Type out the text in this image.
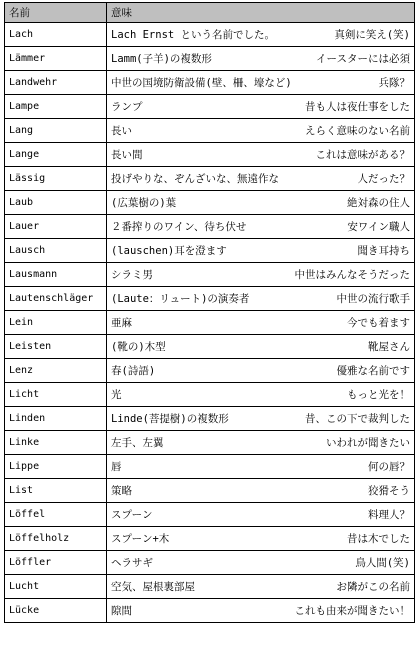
名前	意味
Lach	Lach Ernst という名前でした。 真剣に笑え(笑)

Lämmer	Lamm(子羊)の複数形 イースターには必須

Landwehr	中世の国境防衛設備(壁、柵、壕など) 兵隊？

Lampe	ランプ 昔も人は夜仕事をした

Lang	長い えらく意味のない名前

Lange	長い間 これは意味がある？

Lässig	投げやりな、ぞんざいな、無遠作な 人だった？

Laub	(広葉樹の)葉 絶対森の住人

Lauer	２番搾りのワイン、待ち伏せ 安ワイン職人

Lausch	(lauschen)耳を澄ます 聞き耳持ち

Lausmann	シラミ男 中世はみんなそうだった

Lautenschläger	(Laute：リュート)の演奏者 中世の流行歌手

Lein	亜麻 今でも着ます

Leisten	(靴の)木型 靴屋さん

Lenz	春(詩語) 優雅な名前です

Licht	光 もっと光を！

Linden	Linde(菩提樹)の複数形 昔、この下で裁判した

Linke	左手、左翼 いわれが聞きたい

Lippe	唇 何の唇？

List	策略 狡猾そう

Löffel	スプーン 料理人？

Löffelholz	スプーン+木 昔は木でした

Löffler	ヘラサギ 鳥人間(笑)

Lucht	空気、屋根裏部屋 お隣がこの名前

Lücke	隙間 これも由来が聞きたい！
